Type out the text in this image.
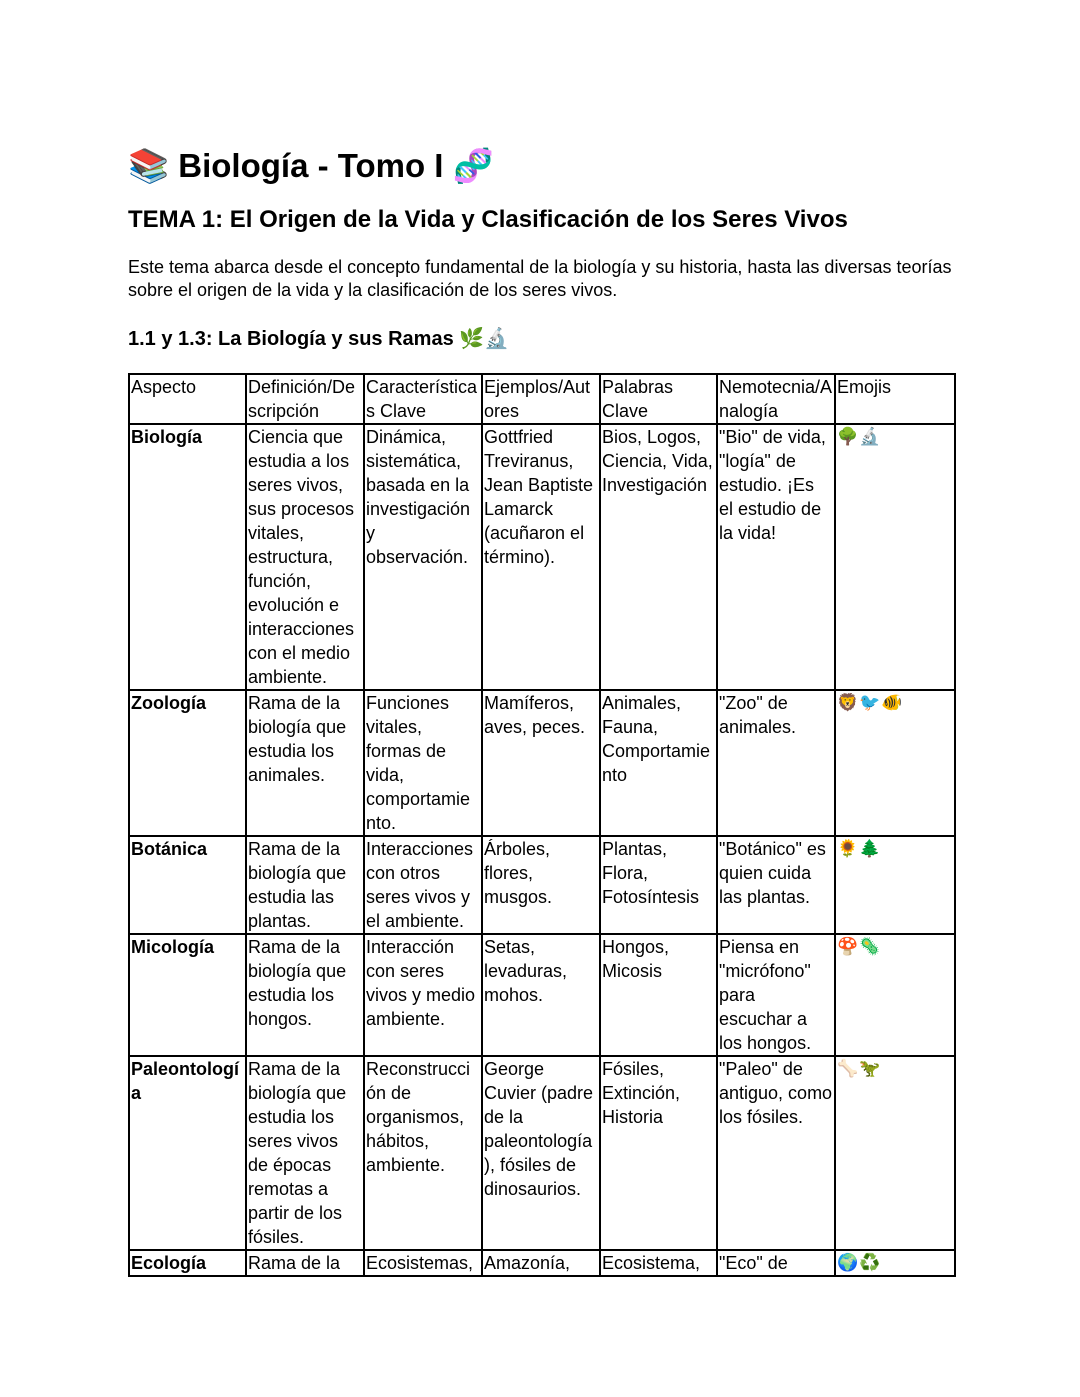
📚 Biología - Tomo I 🧬
TEMA 1: El Origen de la Vida y Clasificación de los Seres Vivos

Este tema abarca desde el concepto fundamental de la biología y su historia, hasta las diversas teorías sobre el origen de la vida y la clasificación de los seres vivos.

1.1 y 1.3: La Biología y sus Ramas 🌿🔬
Aspecto	Definición/Descripción	Características Clave	Ejemplos/Autores	Palabras Clave	Nemotecnia/Analogía	Emojis
Biología	Ciencia que estudia a los seres vivos, sus procesos vitales, estructura, función, evolución e interacciones con el medio ambiente.	Dinámica, sistemática, basada en la investigación y observación.	Gottfried Treviranus, Jean Baptiste Lamarck (acuñaron el término).	Bios, Logos, Ciencia, Vida, Investigación	"Bio" de vida, "logía" de estudio. ¡Es el estudio de la vida!	🌳🔬
Zoología	Rama de la biología que estudia los animales.	Funciones vitales, formas de vida, comportamiento.	Mamíferos, aves, peces.	Animales, Fauna, Comportamiento	"Zoo" de animales.	🦁🐦🐠
Botánica	Rama de la biología que estudia las plantas.	Interacciones con otros seres vivos y el ambiente.	Árboles, flores, musgos.	Plantas, Flora, Fotosíntesis	"Botánico" es quien cuida las plantas.	🌻🌲
Micología	Rama de la biología que estudia los hongos.	Interacción con seres vivos y medio ambiente.	Setas, levaduras, mohos.	Hongos, Micosis	Piensa en "micrófono" para escuchar a los hongos.	🍄🦠
Paleontología	Rama de la biología que estudia los seres vivos de épocas remotas a partir de los fósiles.	Reconstrucción de organismos, hábitos, ambiente.	George Cuvier (padre de la paleontología), fósiles de dinosaurios.	Fósiles, Extinción, Historia	"Paleo" de antiguo, como los fósiles.	🦴🦖
Ecología	Rama de la	Ecosistemas,	Amazonía,	Ecosistema,	"Eco" de	🌍♻️
